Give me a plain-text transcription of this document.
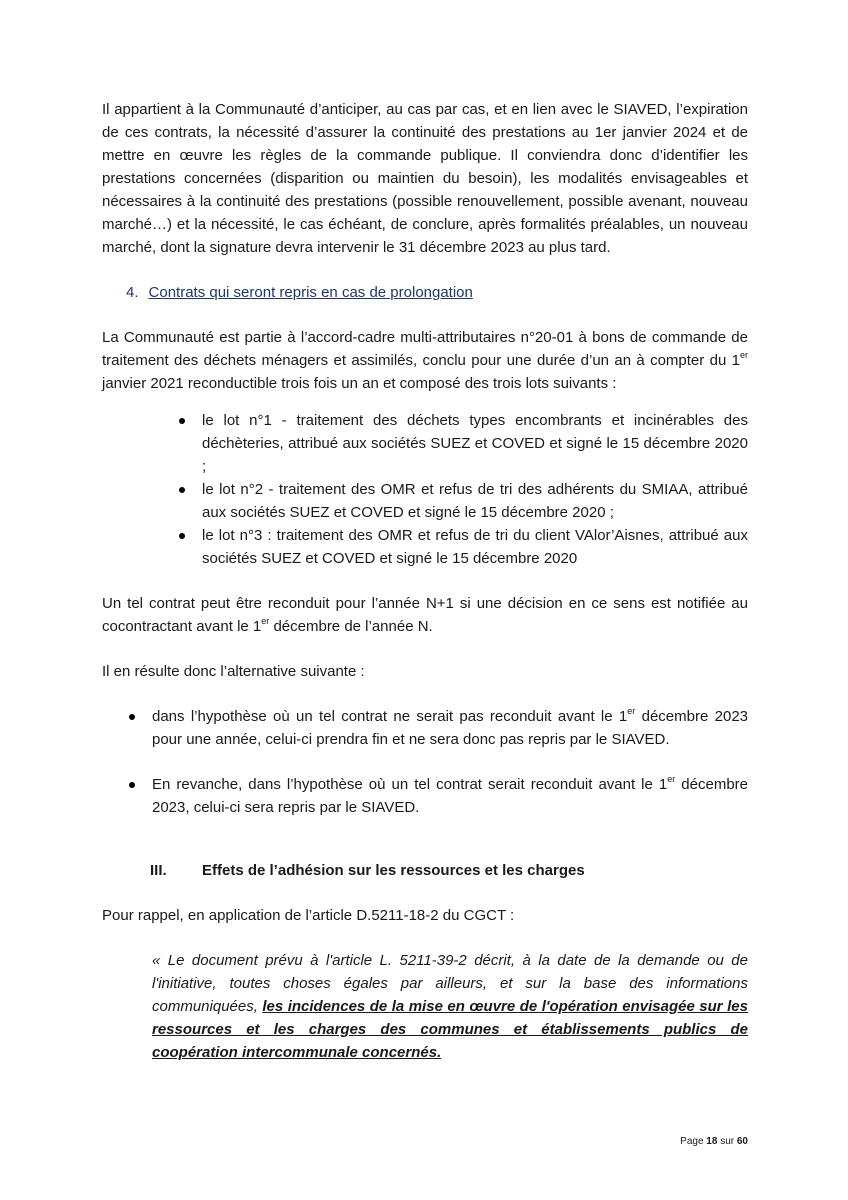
Il appartient à la Communauté d’anticiper, au cas par cas, et en lien avec le SIAVED, l’expiration de ces contrats, la nécessité d’assurer la continuité des prestations au 1er janvier 2024 et de mettre en œuvre les règles de la commande publique. Il conviendra donc d’identifier les prestations concernées (disparition ou maintien du besoin), les modalités envisageables et nécessaires à la continuité des prestations (possible renouvellement, possible avenant, nouveau marché…) et la nécessité, le cas échéant, de conclure, après formalités préalables, un nouveau marché, dont la signature devra intervenir le 31 décembre 2023 au plus tard.

4. Contrats qui seront repris en cas de prolongation

La Communauté est partie à l’accord-cadre multi-attributaires n°20-01 à bons de commande de traitement des déchets ménagers et assimilés, conclu pour une durée d’un an à compter du 1er janvier 2021 reconductible trois fois un an et composé des trois lots suivants :

le lot n°1 - traitement des déchets types encombrants et incinérables des déchèteries, attribué aux sociétés SUEZ et COVED et signé le 15 décembre 2020 ;
le lot n°2 - traitement des OMR et refus de tri des adhérents du SMIAA, attribué aux sociétés SUEZ et COVED et signé le 15 décembre 2020 ;
le lot n°3 : traitement des OMR et refus de tri du client VAlor’Aisnes, attribué aux sociétés SUEZ et COVED et signé le 15 décembre 2020

Un tel contrat peut être reconduit pour l’année N+1 si une décision en ce sens est notifiée au cocontractant avant le 1er décembre de l’année N.

Il en résulte donc l’alternative suivante :

dans l’hypothèse où un tel contrat ne serait pas reconduit avant le 1er décembre 2023 pour une année, celui-ci prendra fin et ne sera donc pas repris par le SIAVED.
En revanche, dans l’hypothèse où un tel contrat serait reconduit avant le 1er décembre 2023, celui-ci sera repris par le SIAVED.
III. Effets de l’adhésion sur les ressources et les charges

Pour rappel, en application de l’article D.5211-18-2 du CGCT :

« Le document prévu à l'article L. 5211-39-2 décrit, à la date de la demande ou de l'initiative, toutes choses égales par ailleurs, et sur la base des informations communiquées, les incidences de la mise en œuvre de l'opération envisagée sur les ressources et les charges des communes et établissements publics de coopération intercommunale concernés.

Page 18 sur 60
